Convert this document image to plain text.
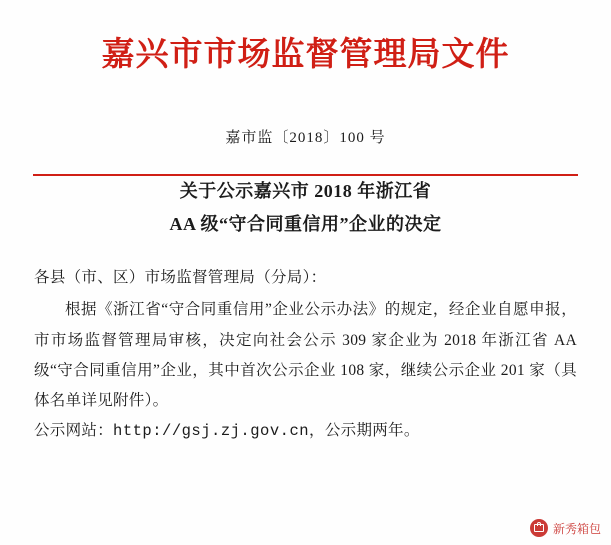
嘉兴市市场监督管理局文件
嘉市监〔2018〕100 号
关于公示嘉兴市 2018 年浙江省
AA 级“守合同重信用”企业的决定
各县（市、区）市场监督管理局（分局）：
根据《浙江省“守合同重信用”企业公示办法》的规定，经企业自愿申报，市市场监督管理局审核，决定向社会公示 309 家企业为 2018 年浙江省 AA 级“守合同重信用”企业，其中首次公示企业 108 家，继续公示企业 201 家（具体名单详见附件）。
公示网站：http://gsj.zj.gov.cn，公示期两年。
新秀箱包
